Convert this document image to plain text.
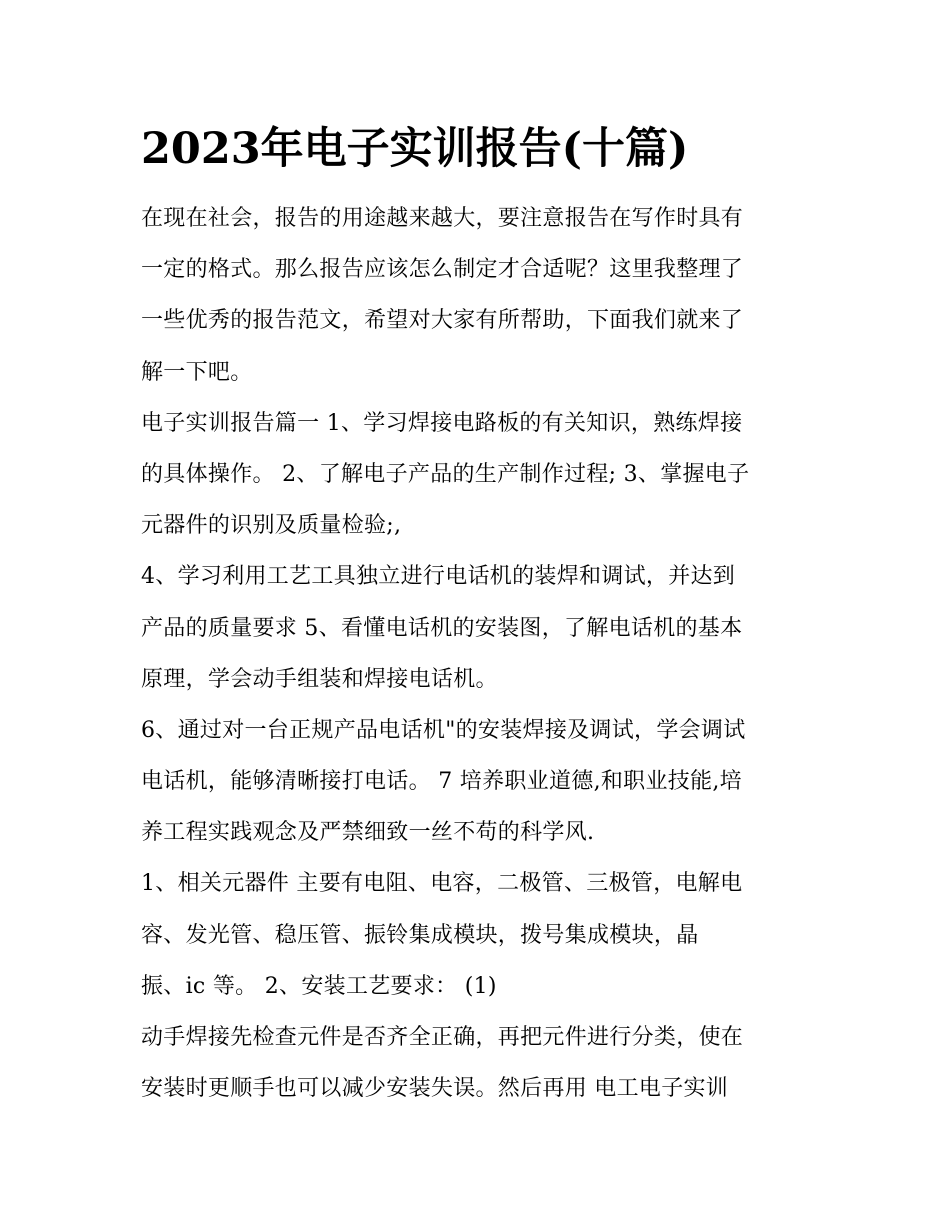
2023年电子实训报告(十篇)
在现在社会，报告的用途越来越大，要注意报告在写作时具有
一定的格式。那么报告应该怎么制定才合适呢？这里我整理了
一些优秀的报告范文，希望对大家有所帮助，下面我们就来了
解一下吧。
电子实训报告篇一 1、学习焊接电路板的有关知识，熟练焊接
的具体操作。 2、了解电子产品的生产制作过程; 3、掌握电子
元器件的识别及质量检验;,
4、学习利用工艺工具独立进行电话机的装焊和调试，并达到
产品的质量要求 5、看懂电话机的安装图，了解电话机的基本
原理，学会动手组装和焊接电话机。
6、通过对一台正规产品电话机"的安装焊接及调试，学会调试
电话机，能够清晰接打电话。 7 培养职业道德,和职业技能,培
养工程实践观念及严禁细致一丝不苟的科学风.
1、相关元器件 主要有电阻、电容，二极管、三极管，电解电
容、发光管、稳压管、振铃集成模块，拨号集成模块，晶
振、ic 等。 2、安装工艺要求： (1)
动手焊接先检查元件是否齐全正确，再把元件进行分类，使在
安装时更顺手也可以减少安装失误。然后再用 电工电子实训
